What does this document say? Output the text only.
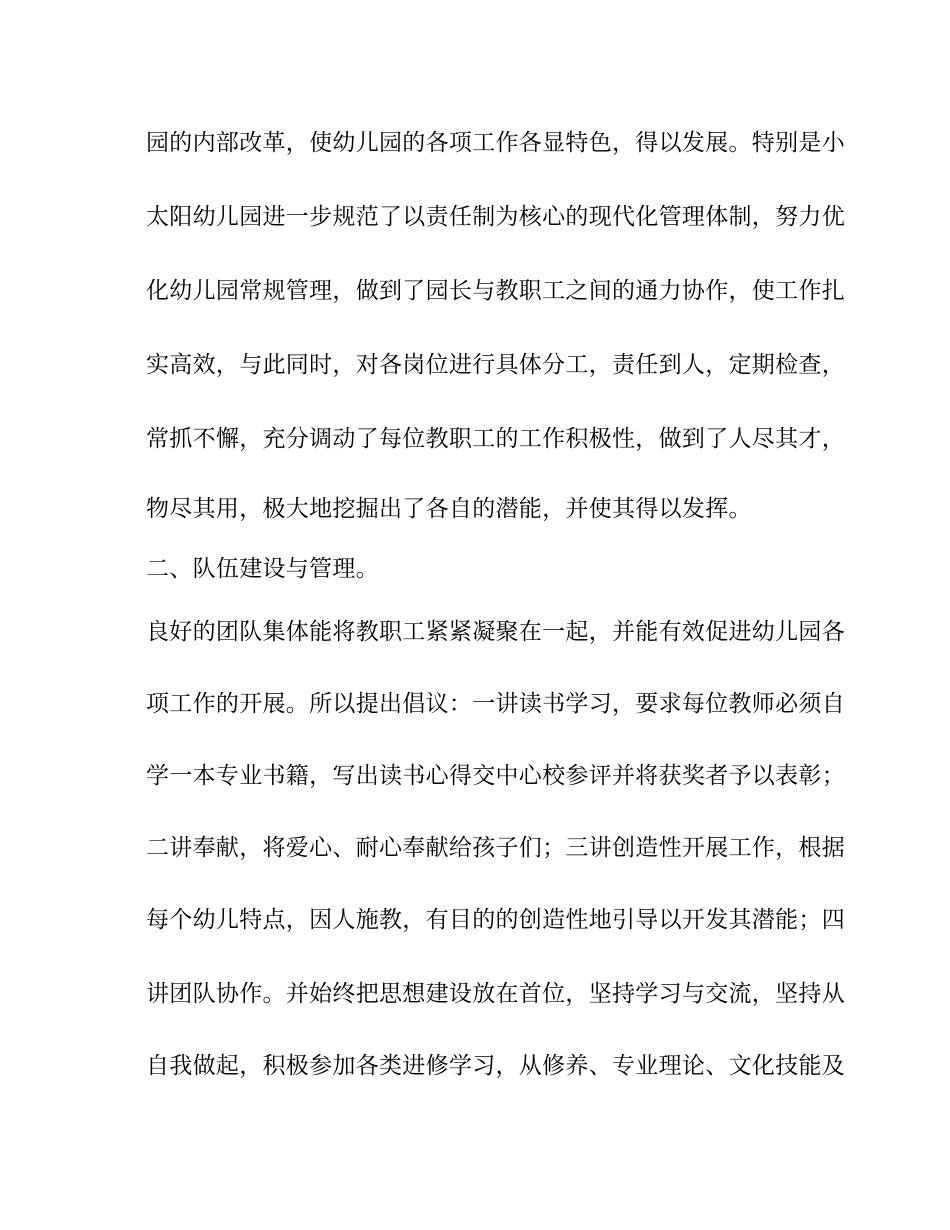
园的内部改革，使幼儿园的各项工作各显特色，得以发展。特别是小
太阳幼儿园进一步规范了以责任制为核心的现代化管理体制，努力优
化幼儿园常规管理，做到了园长与教职工之间的通力协作，使工作扎
实高效，与此同时，对各岗位进行具体分工，责任到人，定期检查，
常抓不懈，充分调动了每位教职工的工作积极性，做到了人尽其才，
物尽其用，极大地挖掘出了各自的潜能，并使其得以发挥。
二、队伍建设与管理。
良好的团队集体能将教职工紧紧凝聚在一起，并能有效促进幼儿园各
项工作的开展。所以提出倡议：一讲读书学习，要求每位教师必须自
学一本专业书籍，写出读书心得交中心校参评并将获奖者予以表彰；
二讲奉献，将爱心、耐心奉献给孩子们；三讲创造性开展工作，根据
每个幼儿特点，因人施教，有目的的创造性地引导以开发其潜能；四
讲团队协作。并始终把思想建设放在首位，坚持学习与交流，坚持从
自我做起，积极参加各类进修学习，从修养、专业理论、文化技能及
